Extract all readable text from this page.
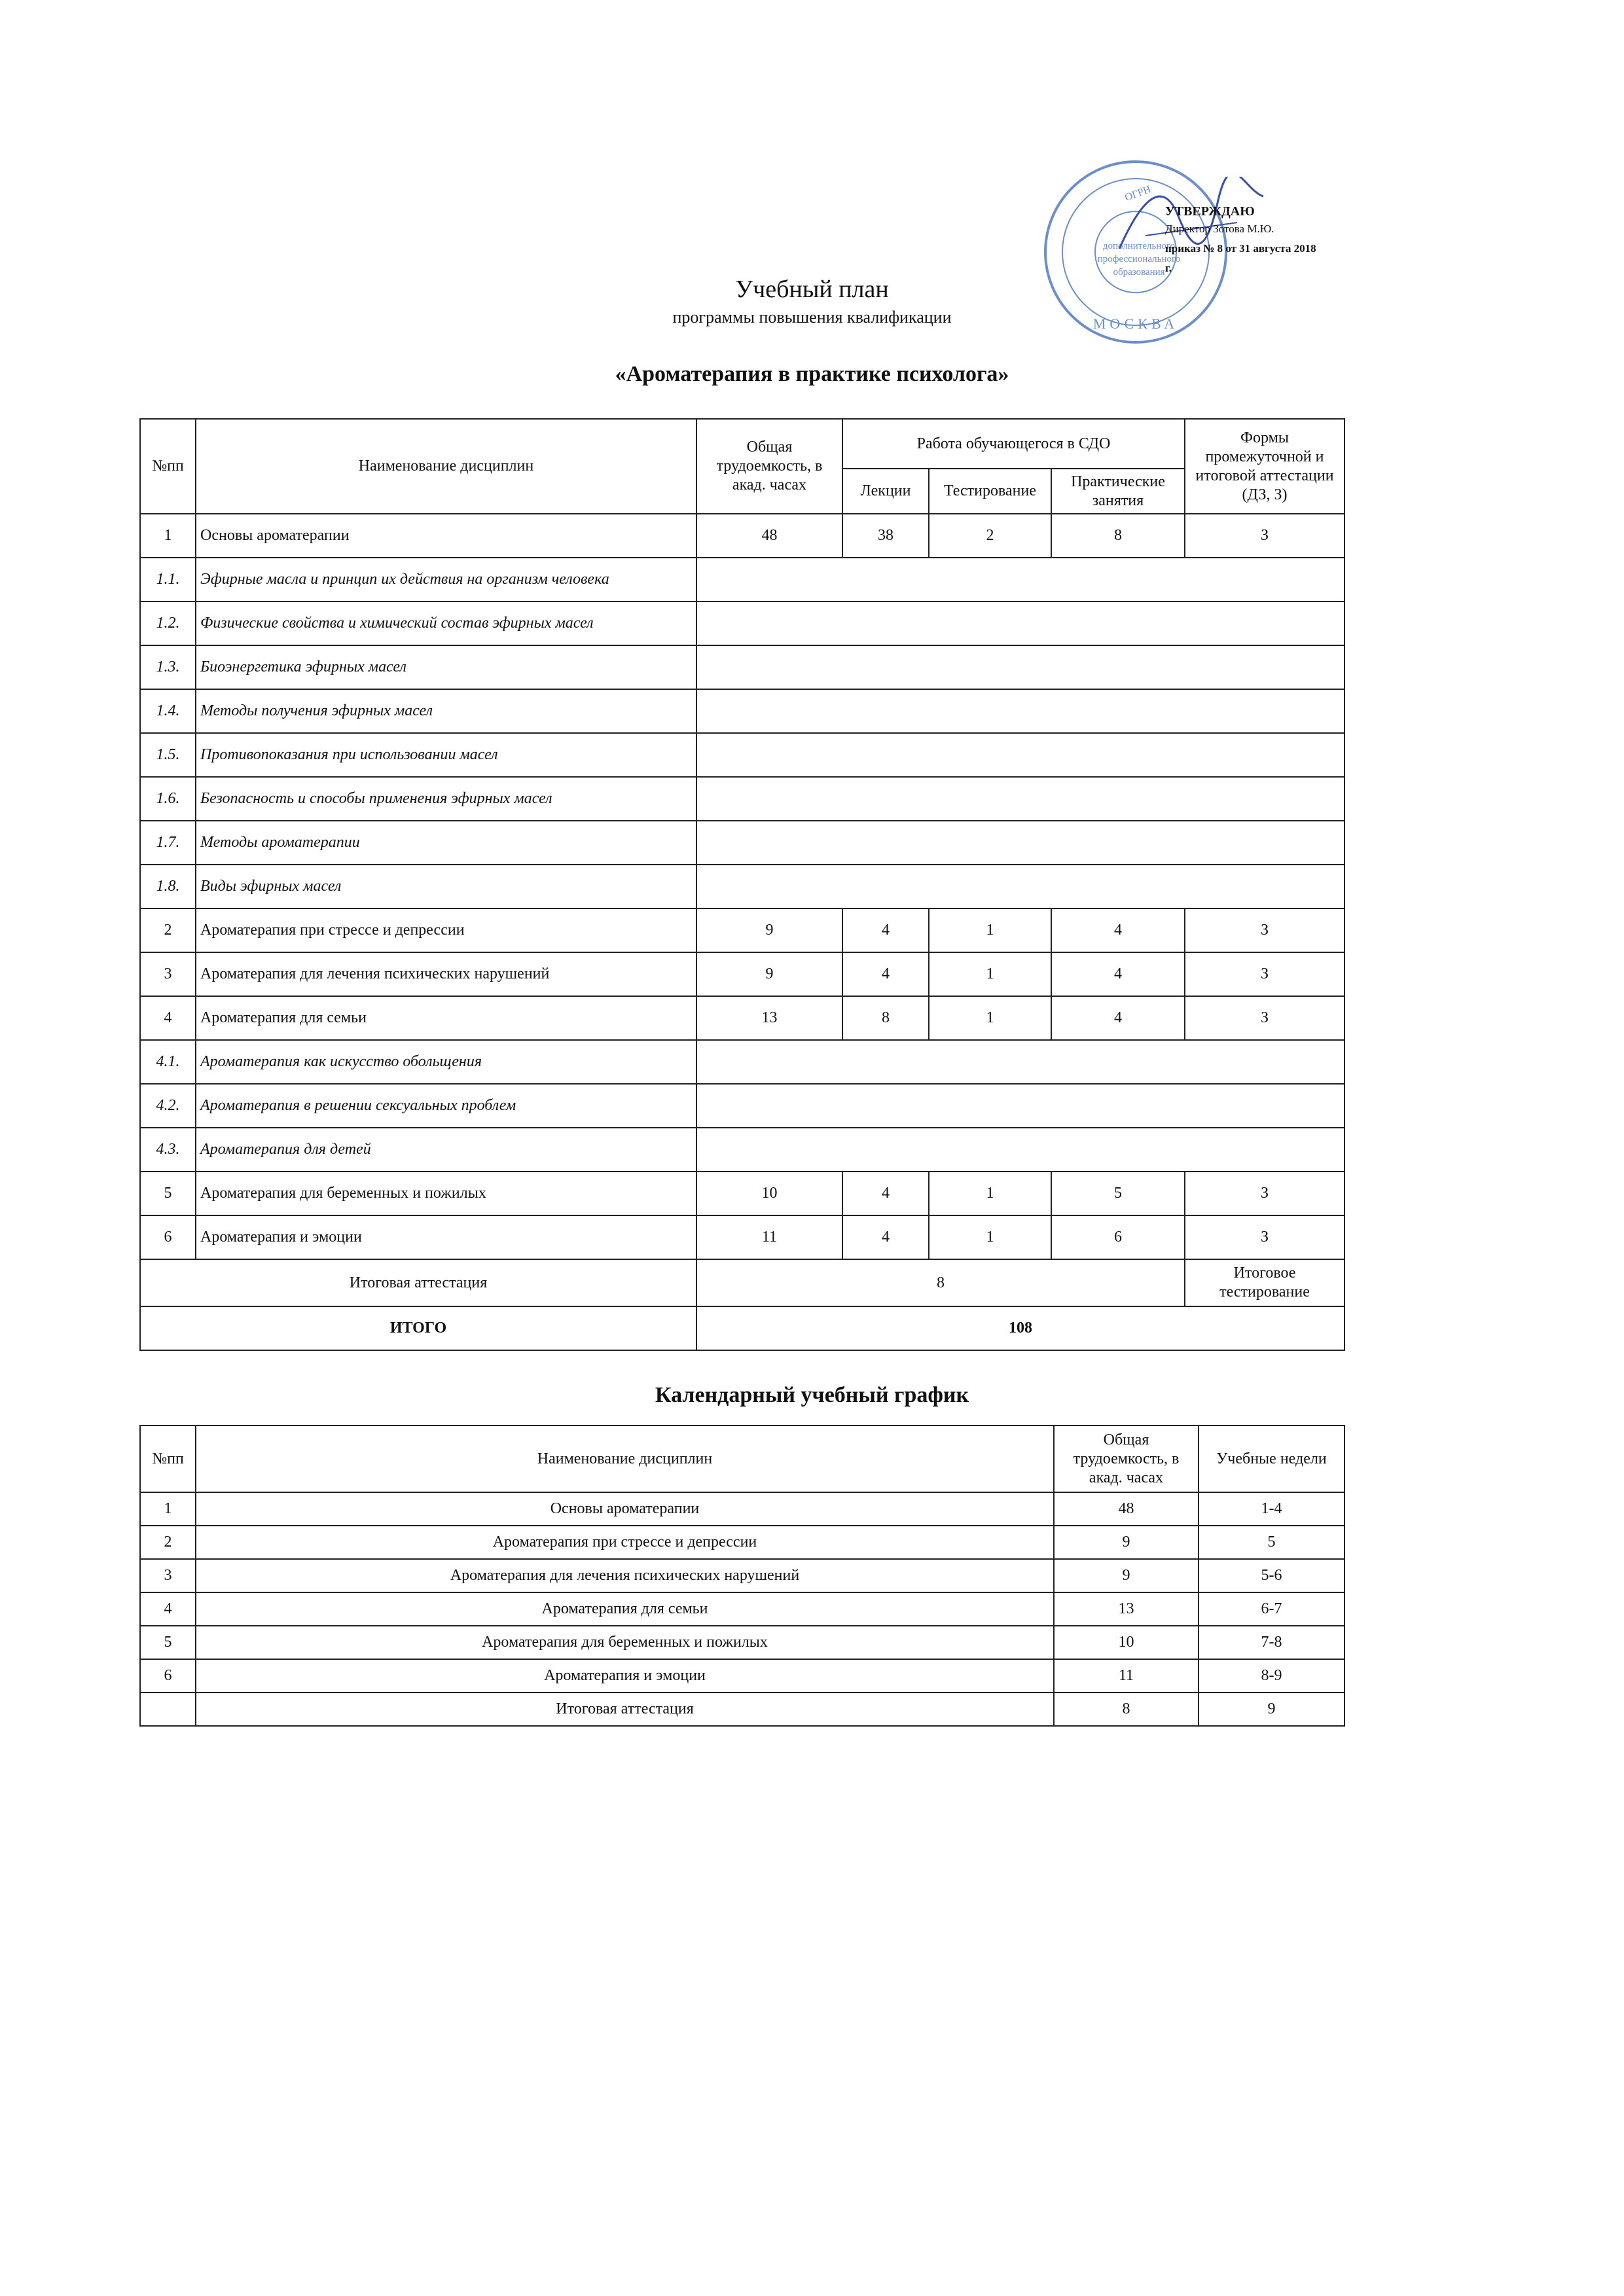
МОСКВА
ОГРН
дополнительного
профессионального
образования
УТВЕРЖДАЮ
Директор Зотова М.Ю.
приказ № 8 от 31 августа 2018 г.
Учебный план
программы повышения квалификации
«Ароматерапия в практике психолога»
№пп	Наименование дисциплин	Общая трудоемкость, в акад. часах	Работа обучающегося в СДО			Формы промежуточной и итоговой аттестации (ДЗ, З)
			Лекции	Тестирование	Практические занятия	
1	Основы ароматерапии	48	38	2	8	З
1.1.	Эфирные масла и принцип их действия на организм человека					
1.2.	Физические свойства и химический состав эфирных масел					
1.3.	Биоэнергетика эфирных масел					
1.4.	Методы получения эфирных масел					
1.5.	Противопоказания при использовании масел					
1.6.	Безопасность и способы применения эфирных масел					
1.7.	Методы ароматерапии					
1.8.	Виды эфирных масел					
2	Ароматерапия при стрессе и депрессии	9	4	1	4	З
3	Ароматерапия для лечения психических нарушений	9	4	1	4	З
4	Ароматерапия для семьи	13	8	1	4	З
4.1.	Ароматерапия как искусство обольщения					
4.2.	Ароматерапия в решении сексуальных проблем					
4.3.	Ароматерапия для детей					
5	Ароматерапия для беременных и пожилых	10	4	1	5	З
6	Ароматерапия и эмоции	11	4	1	6	З
Итоговая аттестация		8				Итоговое тестирование
ИТОГО		108				
Календарный учебный график
№пп	Наименование дисциплин	Общая трудоемкость, в акад. часах	Учебные недели
1	Основы ароматерапии	48	1-4
2	Ароматерапия при стрессе и депрессии	9	5
3	Ароматерапия для лечения психических нарушений	9	5-6
4	Ароматерапия для семьи	13	6-7
5	Ароматерапия для беременных и пожилых	10	7-8
6	Ароматерапия и эмоции	11	8-9
	Итоговая аттестация	8	9
